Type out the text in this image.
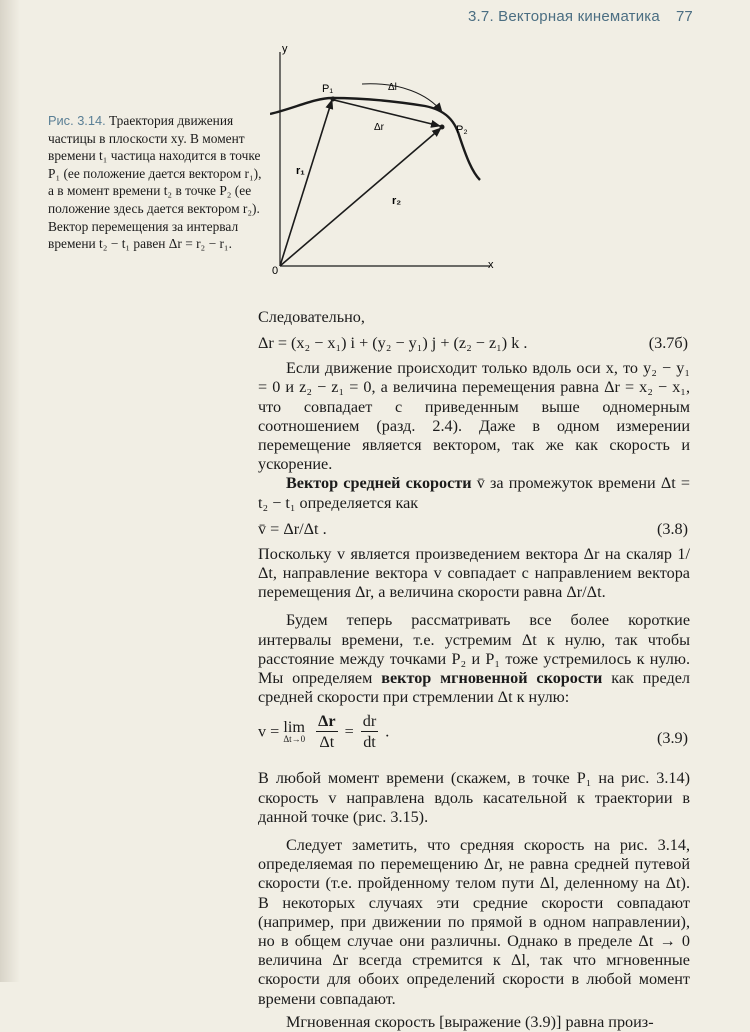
3.7. Векторная кинематика 77
Рис. 3.14. Траектория движения частицы в плоскости xy. В момент времени t₁ частица находится в точке P₁ (ее положение дается вектором r₁), а в момент времени t₂ в точке P₂ (ее положение здесь дается вектором r₂). Вектор перемещения за интервал времени t₂ − t₁ равен Δr = r₂ − r₁.
y
x
0
P₁
P₂
r₁
r₂
Δr
Δl

Следовательно,

Δr = (x₂ − x₁) i + (y₂ − y₁) j + (z₂ − z₁) k .	(3.7б)

Если движение происходит только вдоль оси x, то y₂ − y₁ = 0 и z₂ − z₁ = 0, а величина перемещения равна Δr = x₂ − x₁, что совпадает с приведенным выше одномерным соотношением (разд. 2.4). Даже в одном измерении перемещение является вектором, так же как скорость и ускорение.

Вектор средней скорости v̄ за промежуток времени Δt = t₂ − t₁ определяется как

v̄ = Δr/Δt .	(3.8)

Поскольку v является произведением вектора Δr на скаляр 1/Δt, направление вектора v совпадает с направлением вектора перемещения Δr, а величина скорости равна Δr/Δt.

Будем теперь рассматривать все более короткие интервалы времени, т.е. устремим Δt к нулю, так чтобы расстояние между точками P₂ и P₁ тоже устремилось к нулю. Мы определяем вектор мгновенной скорости как предел средней скорости при стремлении Δt к нулю:

v = lim
Δt→0
$\frac{\Delta r}{\Delta t} = \frac{dr}{dt}$ .	(3.9)

В любой момент времени (скажем, в точке P₁ на рис. 3.14) скорость v направлена вдоль касательной к траектории в данной точке (рис. 3.15).

Следует заметить, что средняя скорость на рис. 3.14, определяемая по перемещению Δr, не равна средней путевой скорости (т.е. пройденному телом пути Δl, деленному на Δt). В некоторых случаях эти средние скорости совпадают (например, при движении по прямой в одном направлении), но в общем случае они различны. Однако в пределе Δt → 0 величина Δr всегда стремится к Δl, так что мгновенные скорости для обоих определений скорости в любой момент времени совпадают.

Мгновенная скорость [выражение (3.9)] равна произ-
